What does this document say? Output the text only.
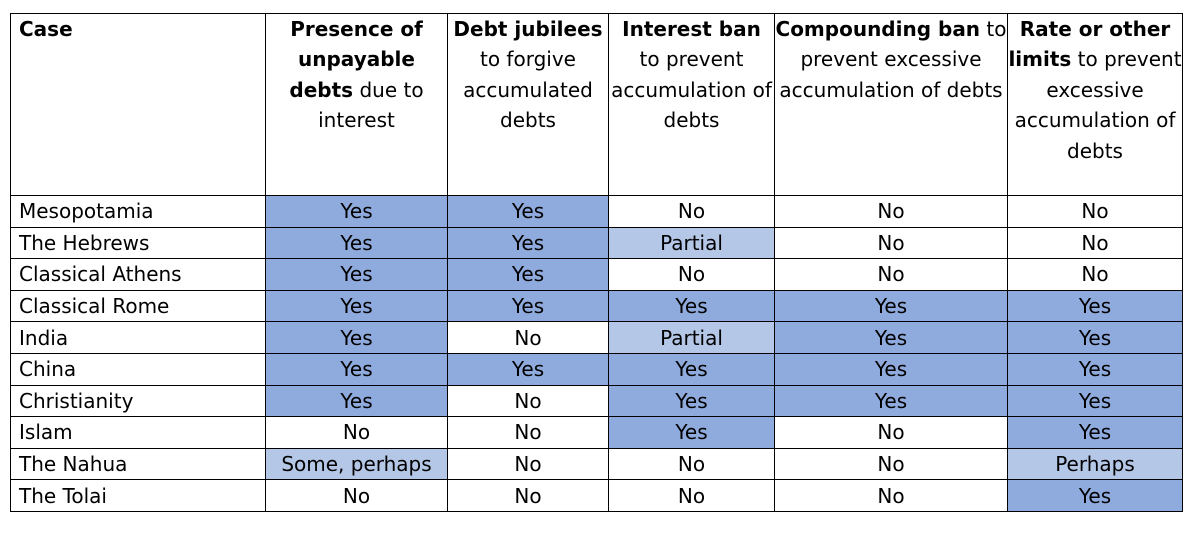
Case	Presence of unpayable debts due to interest	Debt jubilees to forgive accumulated debts	Interest ban to prevent accumulation of debts	Compounding ban to prevent excessive accumulation of debts	Rate or other limits to prevent excessive accumulation of debts
Mesopotamia	Yes	Yes	No	No	No
The Hebrews	Yes	Yes	Partial	No	No
Classical Athens	Yes	Yes	No	No	No
Classical Rome	Yes	Yes	Yes	Yes	Yes
India	Yes	No	Partial	Yes	Yes
China	Yes	Yes	Yes	Yes	Yes
Christianity	Yes	No	Yes	Yes	Yes
Islam	No	No	Yes	No	Yes
The Nahua	Some, perhaps	No	No	No	Perhaps
The Tolai	No	No	No	No	Yes
